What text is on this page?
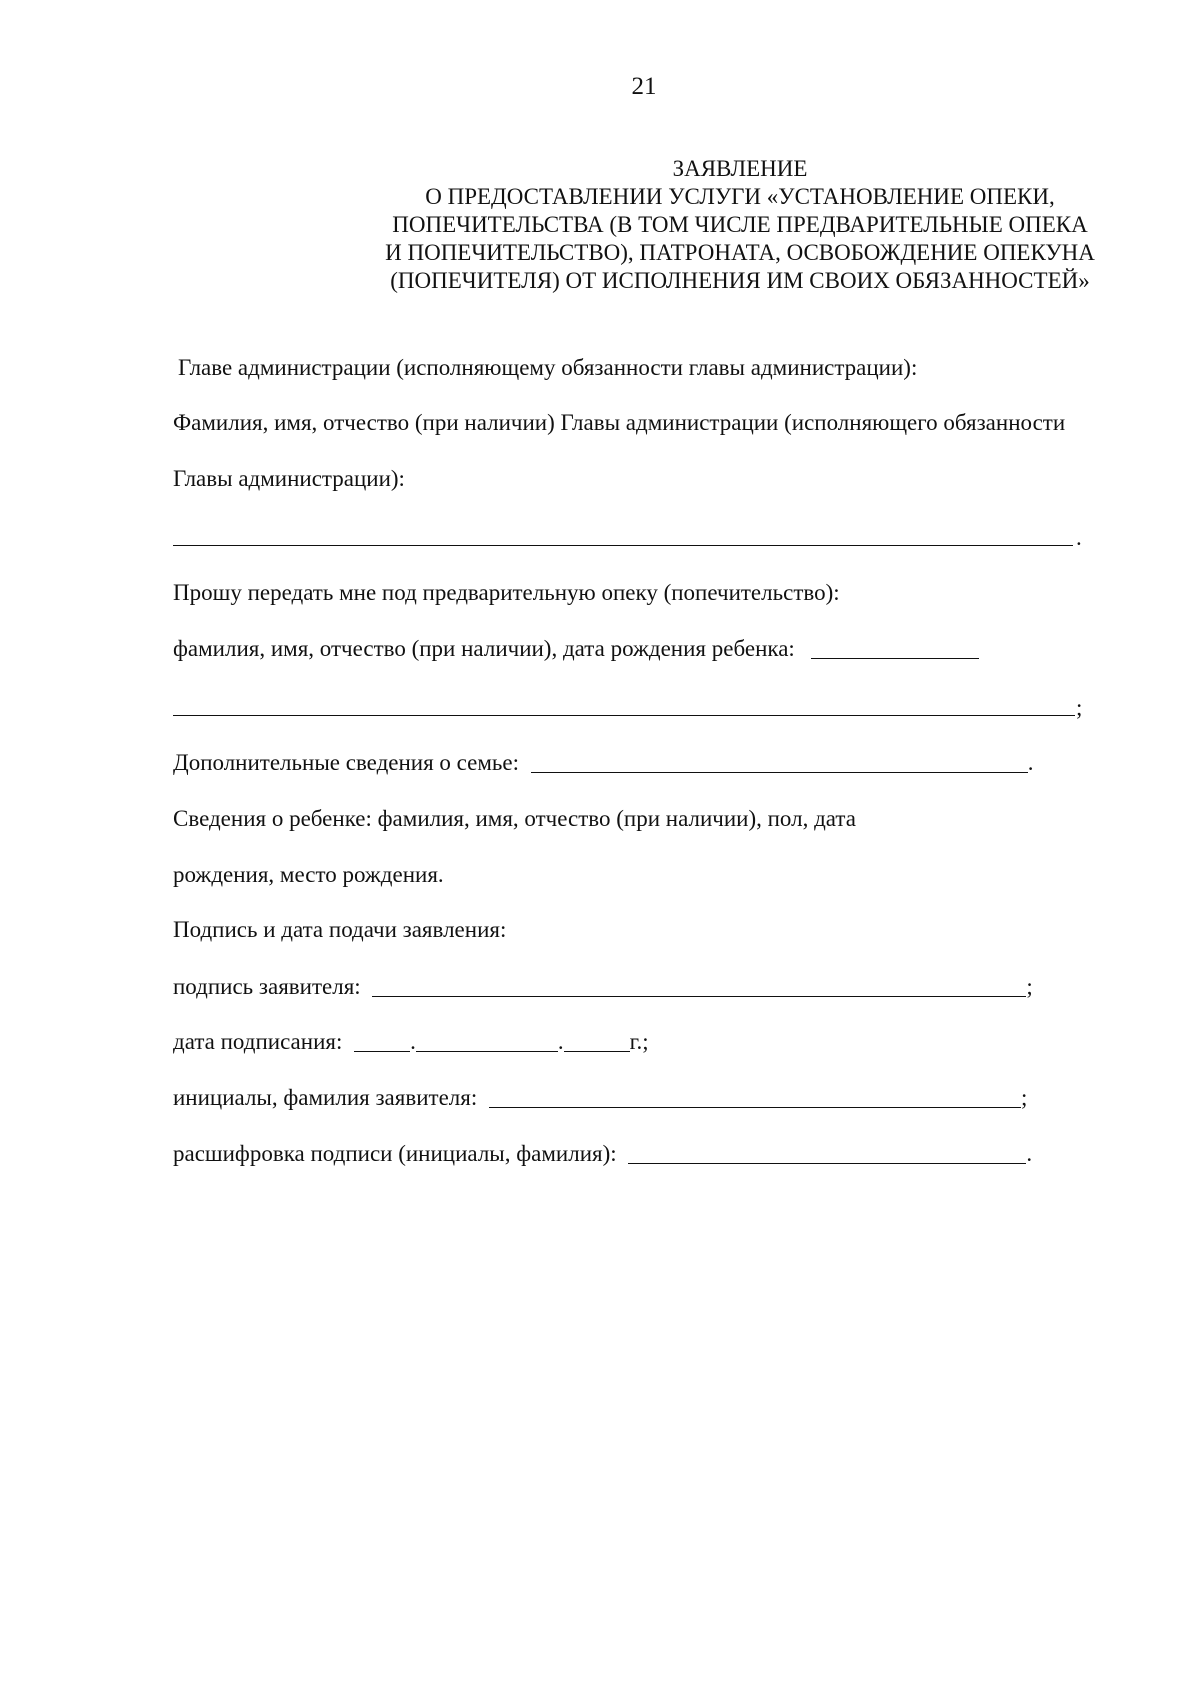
21
ЗАЯВЛЕНИЕ
О ПРЕДОСТАВЛЕНИИ УСЛУГИ «УСТАНОВЛЕНИЕ ОПЕКИ,
ПОПЕЧИТЕЛЬСТВА (В ТОМ ЧИСЛЕ ПРЕДВАРИТЕЛЬНЫЕ ОПЕКА
И ПОПЕЧИТЕЛЬСТВО), ПАТРОНАТА, ОСВОБОЖДЕНИЕ ОПЕКУНА
(ПОПЕЧИТЕЛЯ) ОТ ИСПОЛНЕНИЯ ИМ СВОИХ ОБЯЗАННОСТЕЙ»
Главе администрации (исполняющему обязанности главы администрации):
Фамилия, имя, отчество (при наличии) Главы администрации (исполняющего обязанности
Главы администрации):
.
Прошу передать мне под предварительную опеку (попечительство):
фамилия, имя, отчество (при наличии), дата рождения ребенка:
;
Дополнительные сведения о семье:	.
Сведения о ребенке: фамилия, имя, отчество (при наличии), пол, дата
рождения, место рождения.
Подпись и дата подачи заявления:
подпись заявителя:	;
дата подписания:	.	.	г.;
инициалы, фамилия заявителя:	;
расшифровка подписи (инициалы, фамилия):	.
